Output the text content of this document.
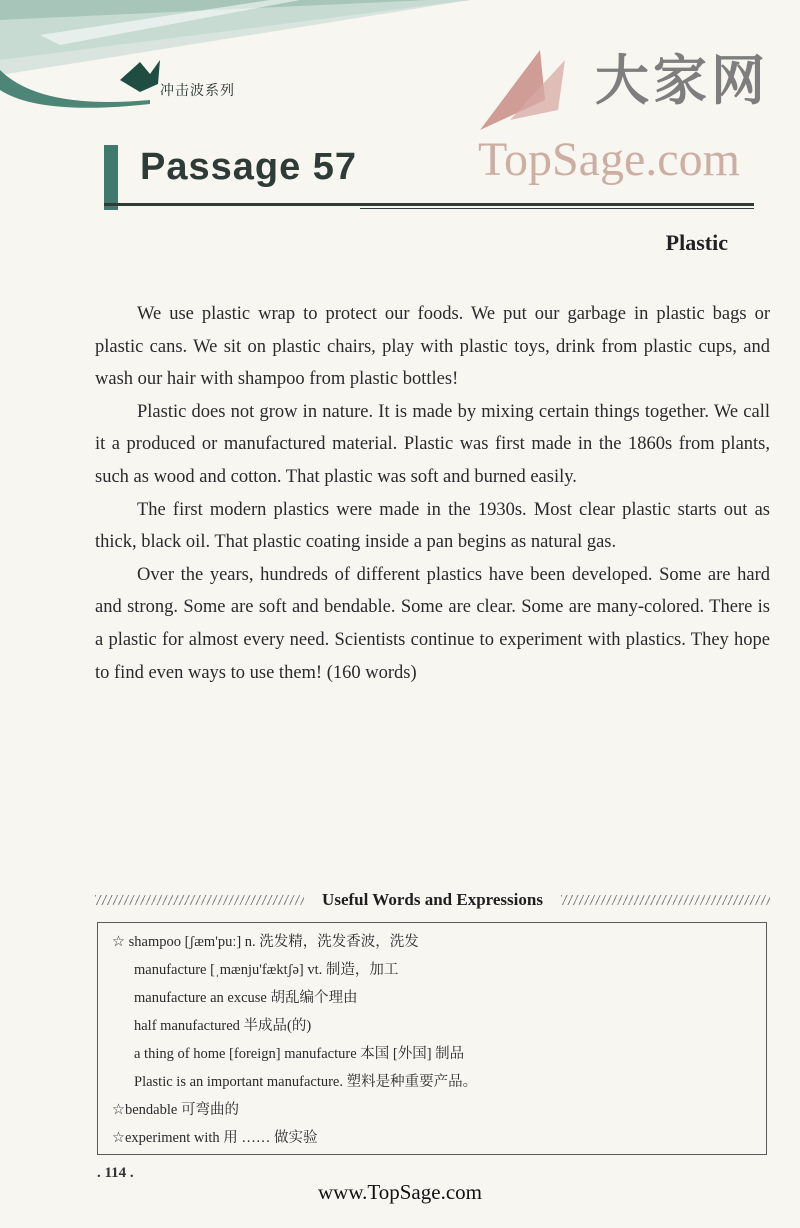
冲击波系列	大家网
TopSage.com
Passage 57
Plastic

We use plastic wrap to protect our foods. We put our garbage in plastic bags or plastic cans. We sit on plastic chairs, play with plastic toys, drink from plastic cups, and wash our hair with shampoo from plastic bottles!

Plastic does not grow in nature. It is made by mixing certain things together. We call it a produced or manufactured material. Plastic was first made in the 1860s from plants, such as wood and cotton. That plastic was soft and burned easily.

The first modern plastics were made in the 1930s. Most clear plastic starts out as thick, black oil. That plastic coating inside a pan begins as natural gas.

Over the years, hundreds of different plastics have been developed. Some are hard and strong. Some are soft and bendable. Some are clear. Some are many-colored. There is a plastic for almost every need. Scientists continue to experiment with plastics. They hope to find even ways to use them! (160 words)

Useful Words and Expressions
☆ shampoo [ʃæm'puː] n. 洗发精，洗发香波，洗发
manufacture [ˌmænju'fæktʃə] vt. 制造，加工
manufacture an excuse 胡乱编个理由
half manufactured 半成品(的)
a thing of home [foreign] manufacture 本国 [外国] 制品
Plastic is an important manufacture. 塑料是种重要产品。
☆bendable 可弯曲的
☆experiment with 用 …… 做实验
. 114 .
www.TopSage.com
